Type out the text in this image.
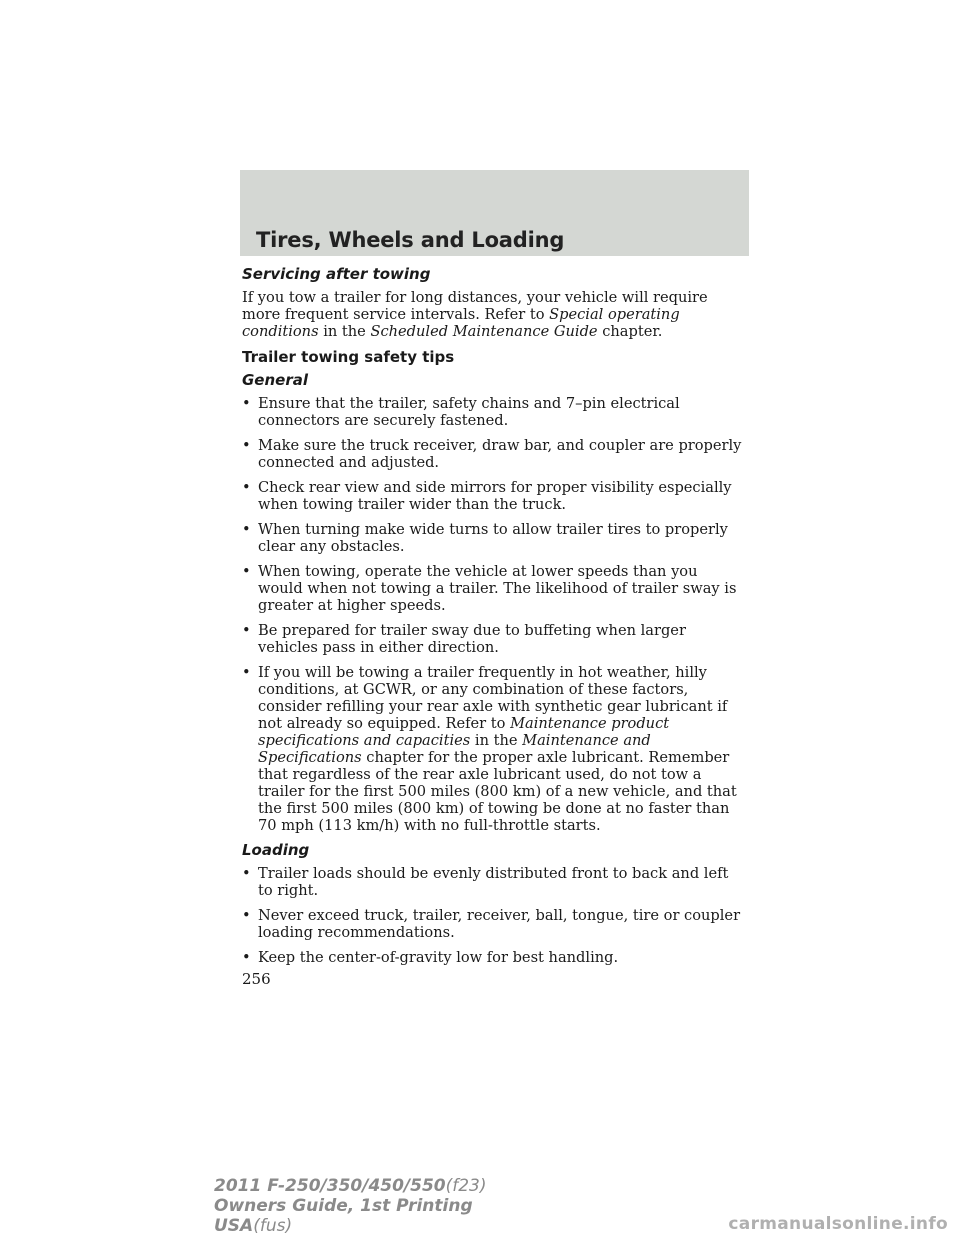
Tires, Wheels and Loading
Servicing after towing

If you tow a trailer for long distances, your vehicle will require more frequent service intervals. Refer to Special operating conditions in the Scheduled Maintenance Guide chapter.

Trailer towing safety tips
General
• Ensure that the trailer, safety chains and 7–pin electrical connectors are securely fastened.
• Make sure the truck receiver, draw bar, and coupler are properly connected and adjusted.
• Check rear view and side mirrors for proper visibility especially when towing trailer wider than the truck.
• When turning make wide turns to allow trailer tires to properly clear any obstacles.
• When towing, operate the vehicle at lower speeds than you would when not towing a trailer. The likelihood of trailer sway is greater at higher speeds.
• Be prepared for trailer sway due to buffeting when larger vehicles pass in either direction.
• If you will be towing a trailer frequently in hot weather, hilly conditions, at GCWR, or any combination of these factors, consider refilling your rear axle with synthetic gear lubricant if not already so equipped. Refer to Maintenance product specifications and capacities in the Maintenance and Specifications chapter for the proper axle lubricant. Remember that regardless of the rear axle lubricant used, do not tow a trailer for the first 500 miles (800 km) of a new vehicle, and that the first 500 miles (800 km) of towing be done at no faster than 70 mph (113 km/h) with no full-throttle starts.
Loading
• Trailer loads should be evenly distributed front to back and left to right.
• Never exceed truck, trailer, receiver, ball, tongue, tire or coupler loading recommendations.
• Keep the center-of-gravity low for best handling.
256
2011 F-250/350/450/550(f23)
Owners Guide, 1st Printing
USA(fus)	carmanualsonline.info
